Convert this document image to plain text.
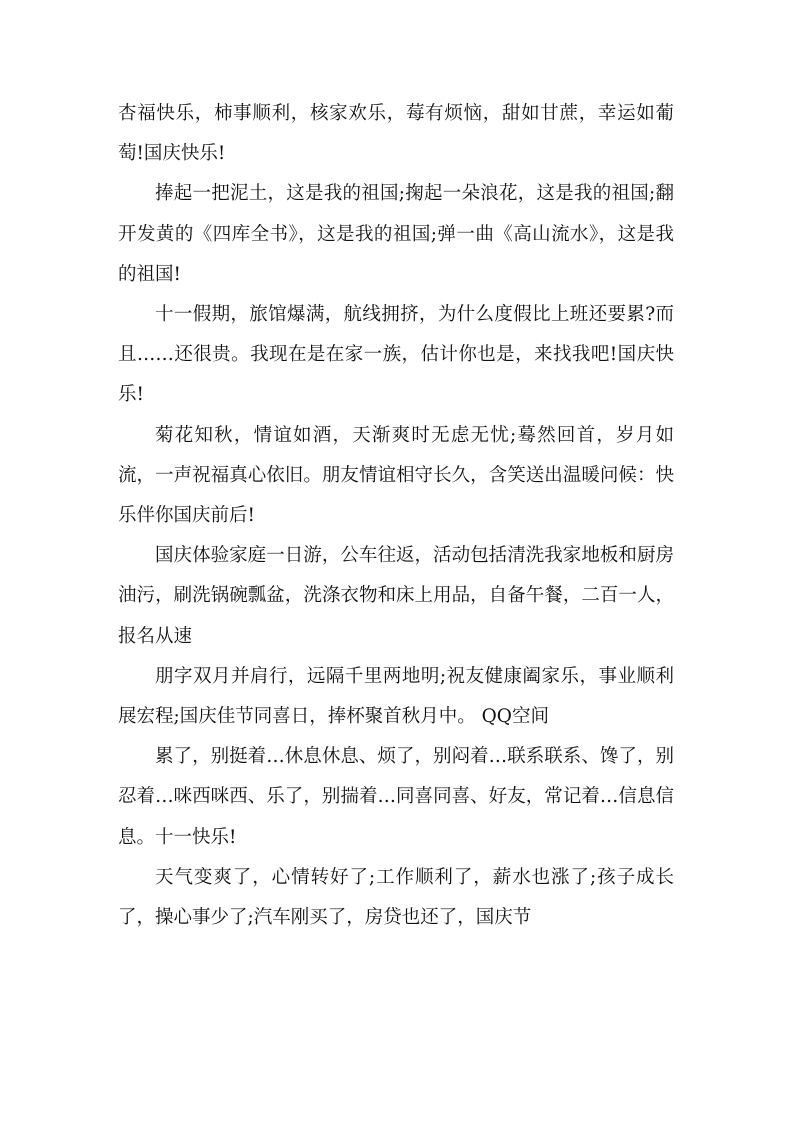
杏福快乐，柿事顺利，核家欢乐，莓有烦恼，甜如甘蔗，幸运如葡萄!国庆快乐!

捧起一把泥土，这是我的祖国;掬起一朵浪花，这是我的祖国;翻开发黄的《四库全书》，这是我的祖国;弹一曲《高山流水》，这是我的祖国!

十一假期，旅馆爆满，航线拥挤，为什么度假比上班还要累?而且……还很贵。我现在是在家一族，估计你也是，来找我吧!国庆快乐!

菊花知秋，情谊如酒，天渐爽时无虑无忧;蓦然回首，岁月如流，一声祝福真心依旧。朋友情谊相守长久，含笑送出温暖问候：快乐伴你国庆前后!

国庆体验家庭一日游，公车往返，活动包括清洗我家地板和厨房油污，刷洗锅碗瓢盆，洗涤衣物和床上用品，自备午餐，二百一人，报名从速

朋字双月并肩行，远隔千里两地明;祝友健康阖家乐，事业顺利展宏程;国庆佳节同喜日，捧杯聚首秋月中。 QQ空间

累了，别挺着…休息休息、烦了，别闷着…联系联系、馋了，别忍着…咪西咪西、乐了，别揣着…同喜同喜、好友，常记着…信息信息。十一快乐!

天气变爽了，心情转好了;工作顺利了，薪水也涨了;孩子成长了，操心事少了;汽车刚买了，房贷也还了，国庆节
